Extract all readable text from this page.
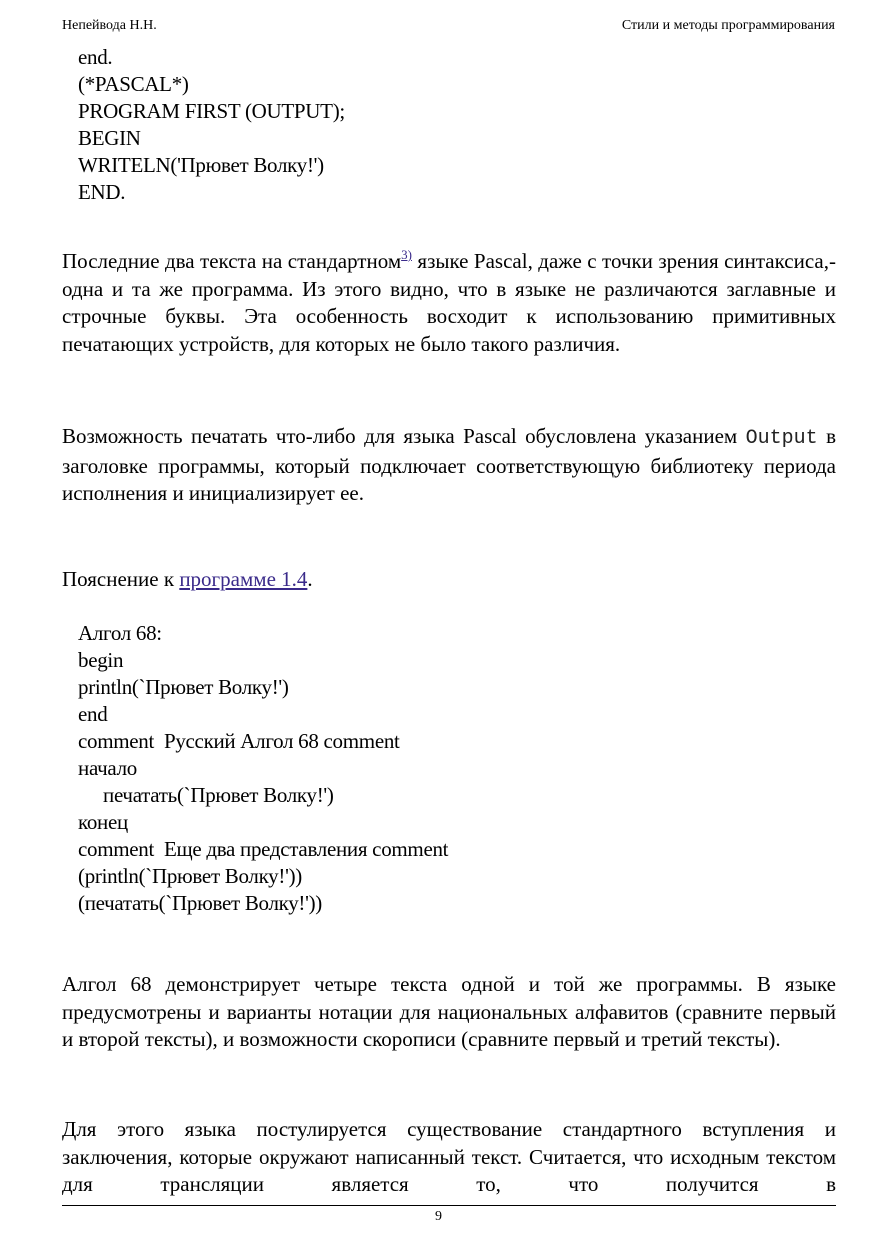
Непейвода Н.Н.	Стили и методы программирования
end.
(*PASCAL*)
PROGRAM FIRST (OUTPUT);
BEGIN
WRITELN('Прювет Волку!')
END.
Последние два текста на стандартном$^{3)}$ языке Pascal, даже с точки зрения синтаксиса,- одна и та же программа. Из этого видно, что в языке не различаются заглавные и строчные буквы. Эта особенность восходит к использованию примитивных печатающих устройств, для которых не было такого различия.
Возможность печатать что-либо для языка Pascal обусловлена указанием Output в заголовке программы, который подключает соответствующую библиотеку периода исполнения и инициализирует ее.
Пояснение к программе 1.4.
Алгол 68:
begin
println(`Прювет Волку!')
end
comment  Русский Алгол 68 comment
начало
печатать(`Прювет Волку!')
конец
comment  Еще два представления comment
(println(`Прювет Волку!'))
(печатать(`Прювет Волку!'))
Алгол 68 демонстрирует четыре текста одной и той же программы. В языке предусмотрены и варианты нотации для национальных алфавитов (сравните первый и второй тексты), и возможности скорописи (сравните первый и третий тексты).
Для этого языка постулируется существование стандартного вступления и заключения, которые окружают написанный текст. Считается, что исходным текстом для трансляции является то, что получится в
9
